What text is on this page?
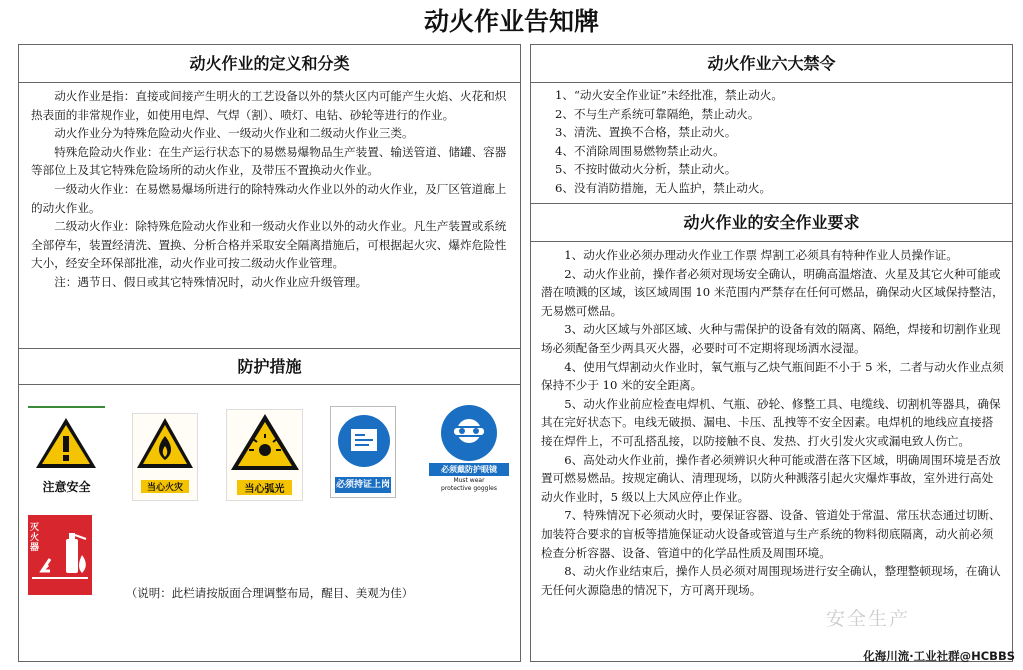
动火作业告知牌
动火作业的定义和分类

动火作业是指：直接或间接产生明火的工艺设备以外的禁火区内可能产生火焰、火花和炽热表面的非常规作业，如使用电焊、气焊（割）、喷灯、电钻、砂轮等进行的作业。

动火作业分为特殊危险动火作业、一级动火作业和二级动火作业三类。

特殊危险动火作业：在生产运行状态下的易燃易爆物品生产装置、输送管道、储罐、容器等部位上及其它特殊危险场所的动火作业，及带压不置换动火作业。

一级动火作业：在易燃易爆场所进行的除特殊动火作业以外的动火作业，及厂区管道廊上的动火作业。

二级动火作业：除特殊危险动火作业和一级动火作业以外的动火作业。凡生产装置或系统全部停车，装置经清洗、置换、分析合格并采取安全隔离措施后，可根据起火灾、爆炸危险性大小，经安全环保部批准，动火作业可按二级动火作业管理。

注：遇节日、假日或其它特殊情况时，动火作业应升级管理。

防护措施
注意安全	当心火灾	当心弧光	必须持证上岗
必须戴防护眼镜
Must wear protective goggles
灭火器
（说明：此栏请按版面合理调整布局，醒目、美观为佳）
动火作业六大禁令

1、“动火安全作业证”未经批准，禁止动火。

2、不与生产系统可靠隔绝，禁止动火。

3、清洗、置换不合格，禁止动火。

4、不消除周围易燃物禁止动火。

5、不按时做动火分析，禁止动火。

6、没有消防措施，无人监护，禁止动火。

动火作业的安全作业要求

1、动火作业必须办理动火作业工作票 焊割工必须具有特种作业人员操作证。

2、动火作业前，操作者必须对现场安全确认，明确高温熔渣、火星及其它火种可能或潜在喷溅的区域，该区域周围 10 米范围内严禁存在任何可燃品，确保动火区域保持整洁，无易燃可燃品。

3、动火区域与外部区域、火种与需保护的设备有效的隔离、隔绝，焊接和切割作业现场必须配备至少两具灭火器，必要时可不定期将现场洒水浸湿。

4、使用气焊割动火作业时，氧气瓶与乙炔气瓶间距不小于 5 米，二者与动火作业点须保持不少于 10 米的安全距离。

5、动火作业前应检查电焊机、气瓶、砂轮、修整工具、电缆线、切割机等器具，确保其在完好状态下。电线无破损、漏电、卡压、乱拽等不安全因素。电焊机的地线应直接搭接在焊件上，不可乱搭乱接，以防接触不良、发热、打火引发火灾或漏电致人伤亡。

6、高处动火作业前，操作者必须辨识火种可能或潜在落下区域，明确周围环境是否放置可燃易燃品。按规定确认、清理现场，以防火种溅落引起火灾爆炸事故，室外进行高处动火作业时，5 级以上大风应停止作业。

7、特殊情况下必须动火时，要保证容器、设备、管道处于常温、常压状态通过切断、加装符合要求的盲板等措施保证动火设备或管道与生产系统的物料彻底隔离，动火前必须检查分析容器、设备、管道中的化学品性质及周围环境。

8、动火作业结束后，操作人员必须对周围现场进行安全确认，整理整顿现场，在确认无任何火源隐患的情况下，方可离开现场。

安全生产
化海川流·工业社群@HCBBS
